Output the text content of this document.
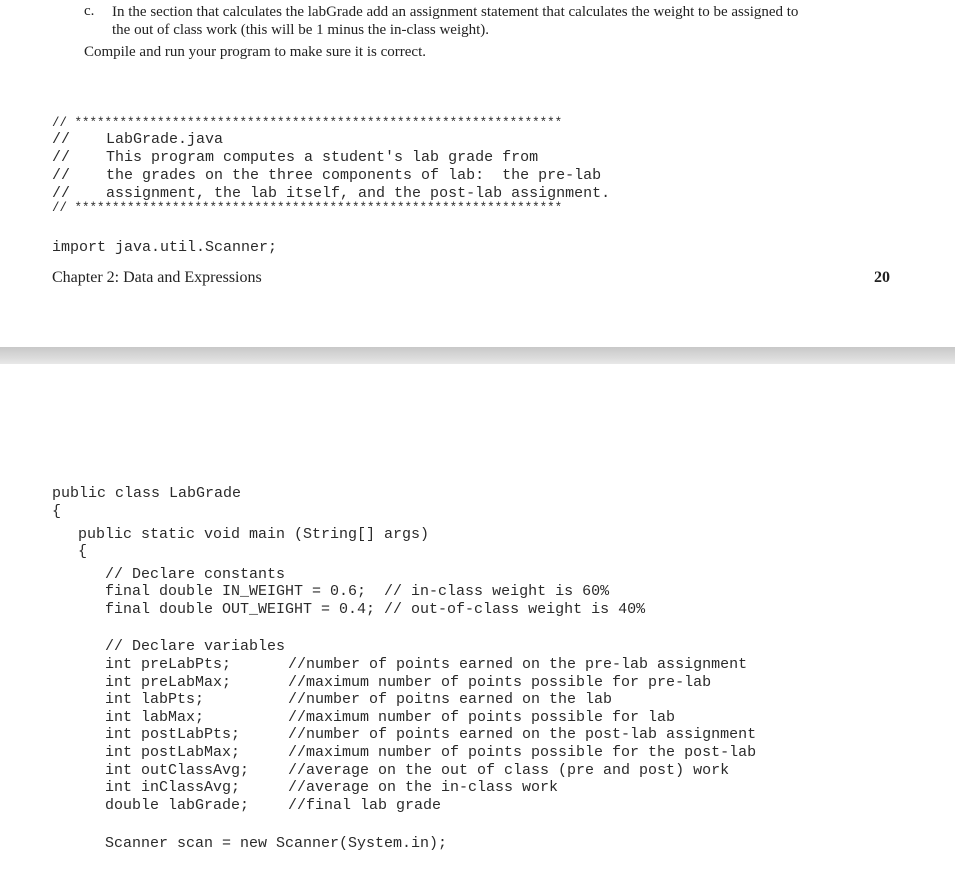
c. In the section that calculates the labGrade add an assignment statement that calculates the weight to be assigned to
the out of class work (this will be 1 minus the in-class weight).
Compile and run your program to make sure it is correct.
// *****************************************************************
//    LabGrade.java
//    This program computes a student's lab grade from
//    the grades on the three components of lab:  the pre-lab
//    assignment, the lab itself, and the post-lab assignment.
// *****************************************************************
import java.util.Scanner;
Chapter 2: Data and Expressions	20
public class LabGrade
{
public static void main (String[] args)
{
// Declare constants
final double IN_WEIGHT = 0.6;  // in-class weight is 60%
final double OUT_WEIGHT = 0.4; // out-of-class weight is 40%
// Declare variables
int preLabPts;	//number of points earned on the pre-lab assignment
int preLabMax;	//maximum number of points possible for pre-lab
int labPts;	//number of poitns earned on the lab
int labMax;	//maximum number of points possible for lab
int postLabPts;	//number of points earned on the post-lab assignment
int postLabMax;	//maximum number of points possible for the post-lab
int outClassAvg;	//average on the out of class (pre and post) work
int inClassAvg;	//average on the in-class work
double labGrade;	//final lab grade
Scanner scan = new Scanner(System.in);
